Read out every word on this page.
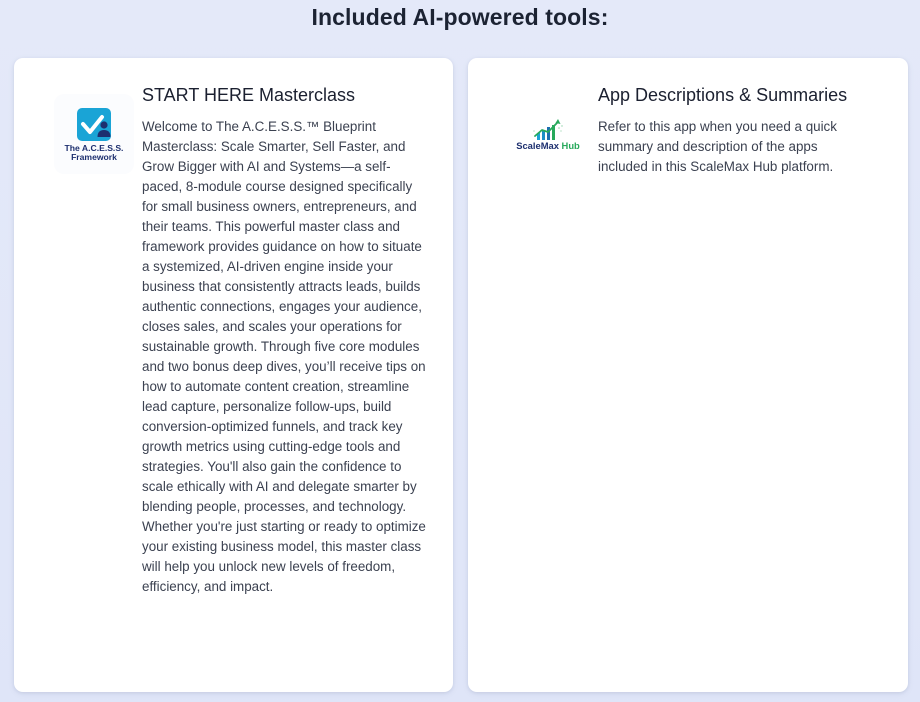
Included AI-powered tools:
The A.C.E.S.S.
Framework
START HERE Masterclass

Welcome to The A.C.E.S.S.™ Blueprint Masterclass: Scale Smarter, Sell Faster, and Grow Bigger with AI and Systems—a self-paced, 8-module course designed specifically for small business owners, entrepreneurs, and their teams. This powerful master class and framework provides guidance on how to situate a systemized, AI-driven engine inside your business that consistently attracts leads, builds authentic connections, engages your audience, closes sales, and scales your operations for sustainable growth. Through five core modules and two bonus deep dives, you’ll receive tips on how to automate content creation, streamline lead capture, personalize follow-ups, build conversion-optimized funnels, and track key growth metrics using cutting-edge tools and strategies. You'll also gain the confidence to scale ethically with AI and delegate smarter by blending people, processes, and technology. Whether you're just starting or ready to optimize your existing business model, this master class will help you unlock new levels of freedom, efficiency, and impact.

ScaleMax Hub
App Descriptions & Summaries

Refer to this app when you need a quick summary and description of the apps included in this ScaleMax Hub platform.
